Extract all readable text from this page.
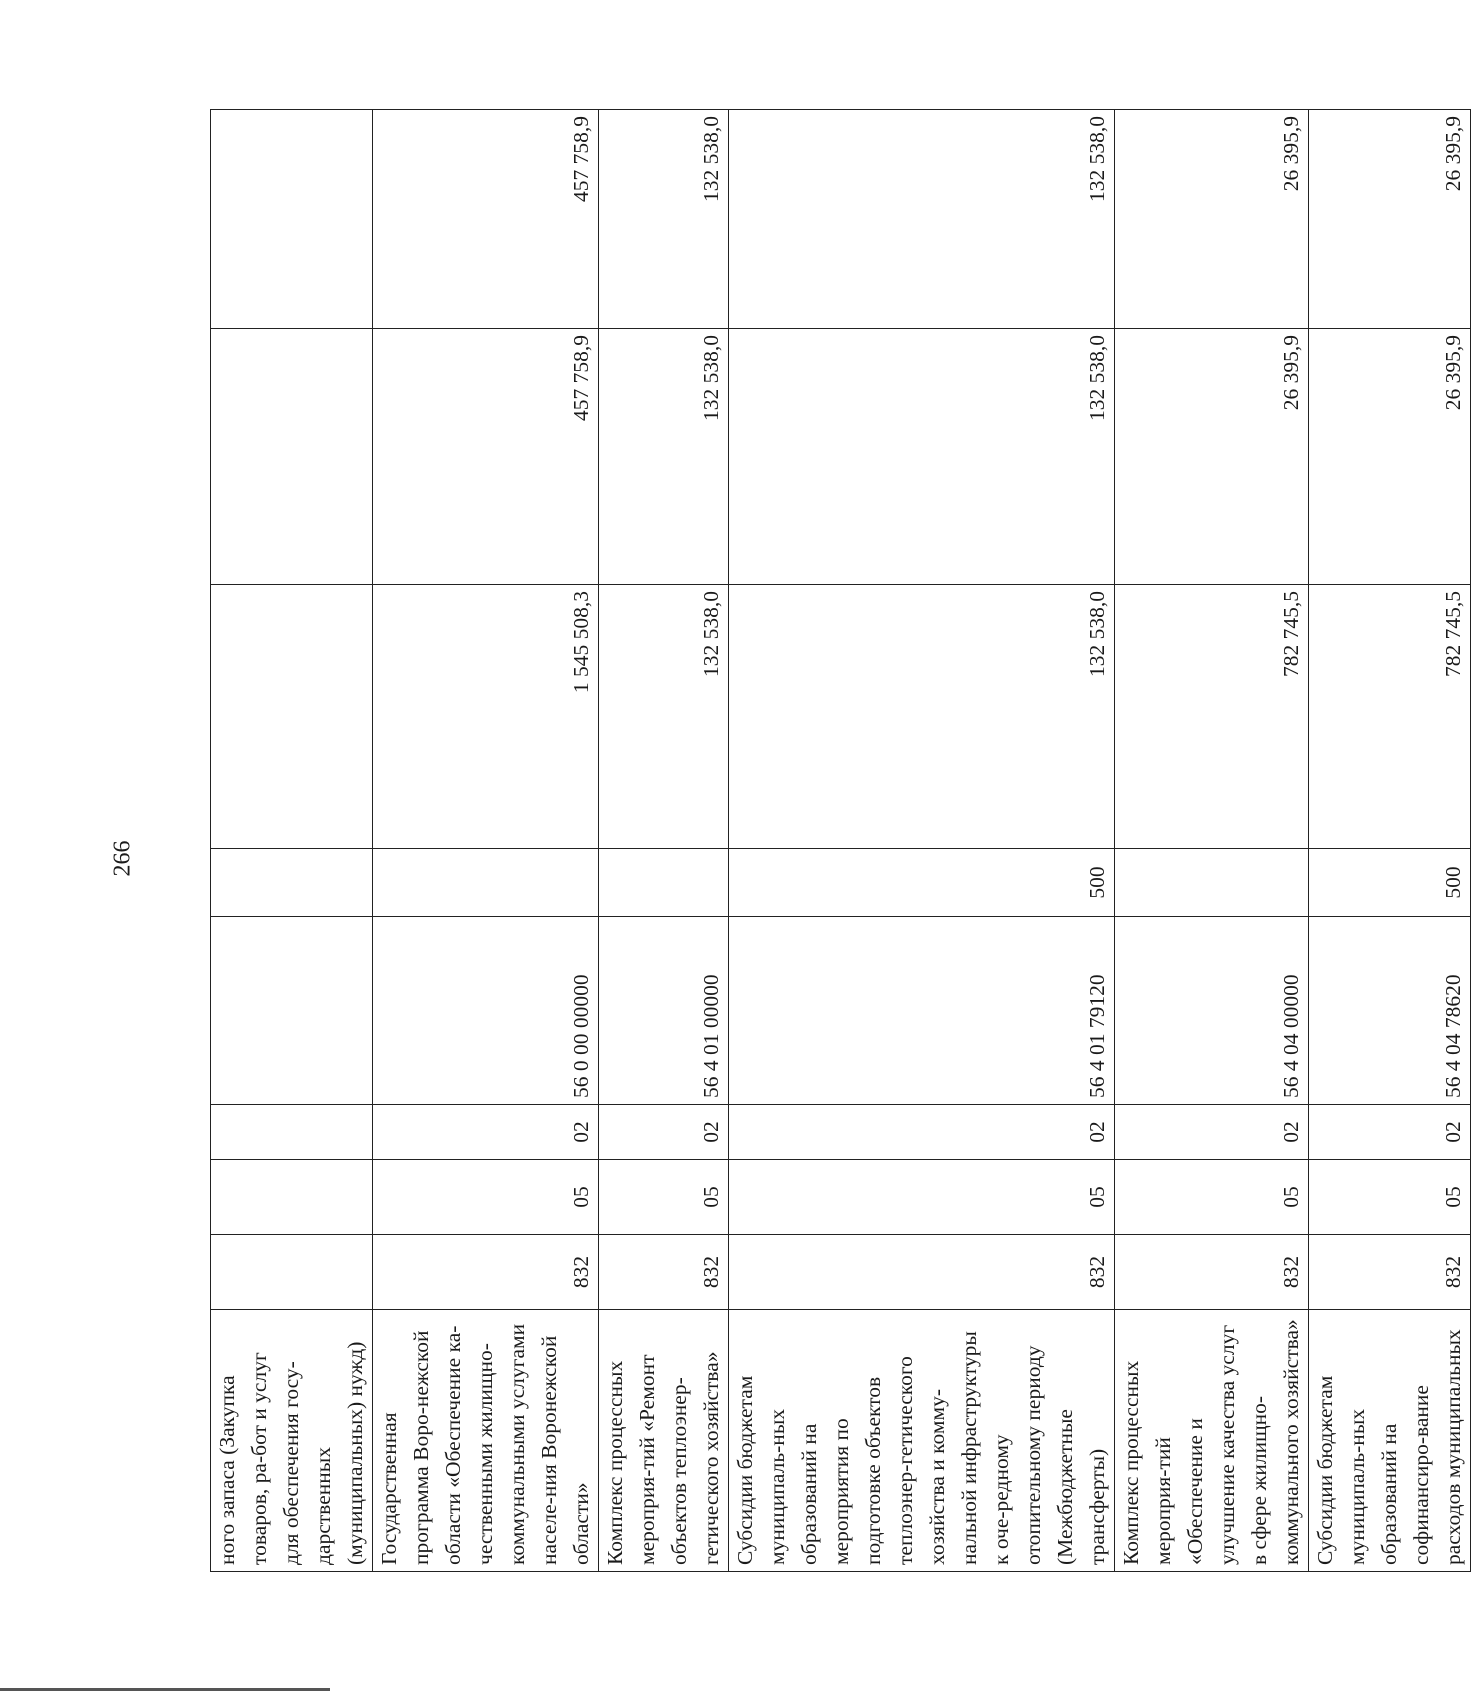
266
ного запаса (Закупка товаров, ра-бот и услуг для обеспечения госу-дарственных (муниципальных) нужд)								
Государственная программа Воро-нежской области «Обеспечение ка-чественными жилищно-коммунальными услугами населе-ния Воронежской области»	832	05	02	56 0 00 00000		1 545 508,3	457 758,9	457 758,9
Комплекс процессных мероприя-тий «Ремонт объектов теплоэнер-гетического хозяйства»	832	05	02	56 4 01 00000		132 538,0	132 538,0	132 538,0
Субсидии бюджетам муниципаль-ных образований на мероприятия по подготовке объектов теплоэнер-гетического хозяйства и комму-нальной инфраструктуры к оче-редному отопительному периоду (Межбюджетные трансферты)	832	05	02	56 4 01 79120	500	132 538,0	132 538,0	132 538,0
Комплекс процессных мероприя-тий «Обеспечение и улучшение качества услуг в сфере жилищно-коммунального хозяйства»	832	05	02	56 4 04 00000		782 745,5	26 395,9	26 395,9
Субсидии бюджетам муниципаль-ных образований на софинансиро-вание расходов муниципальных	832	05	02	56 4 04 78620	500	782 745,5	26 395,9	26 395,9
